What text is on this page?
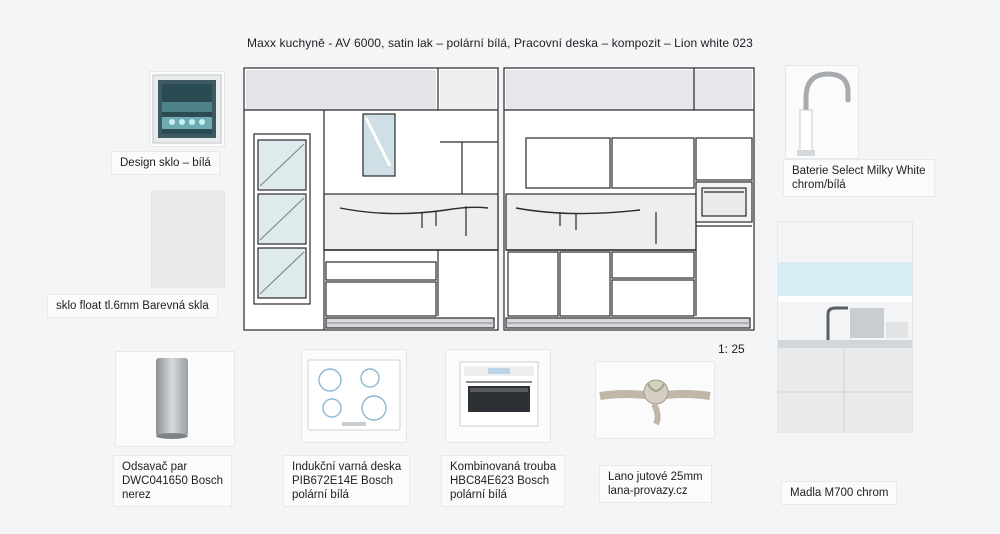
Maxx kuchyně - AV 6000, satin lak – polární bílá, Pracovní deska – kompozit – Lion white 023
Design sklo – bílá
sklo float tl.6mm Barevná skla
Baterie Select Milky White
chrom/bílá
Madla M700 chrom
1: 25
Odsavač par
DWC041650 Bosch
nerez
Indukční varná deska
PIB672E14E Bosch
polární bílá
Kombinovaná trouba
HBC84E623 Bosch
polární bílá
Lano jutové 25mm
lana-provazy.cz
